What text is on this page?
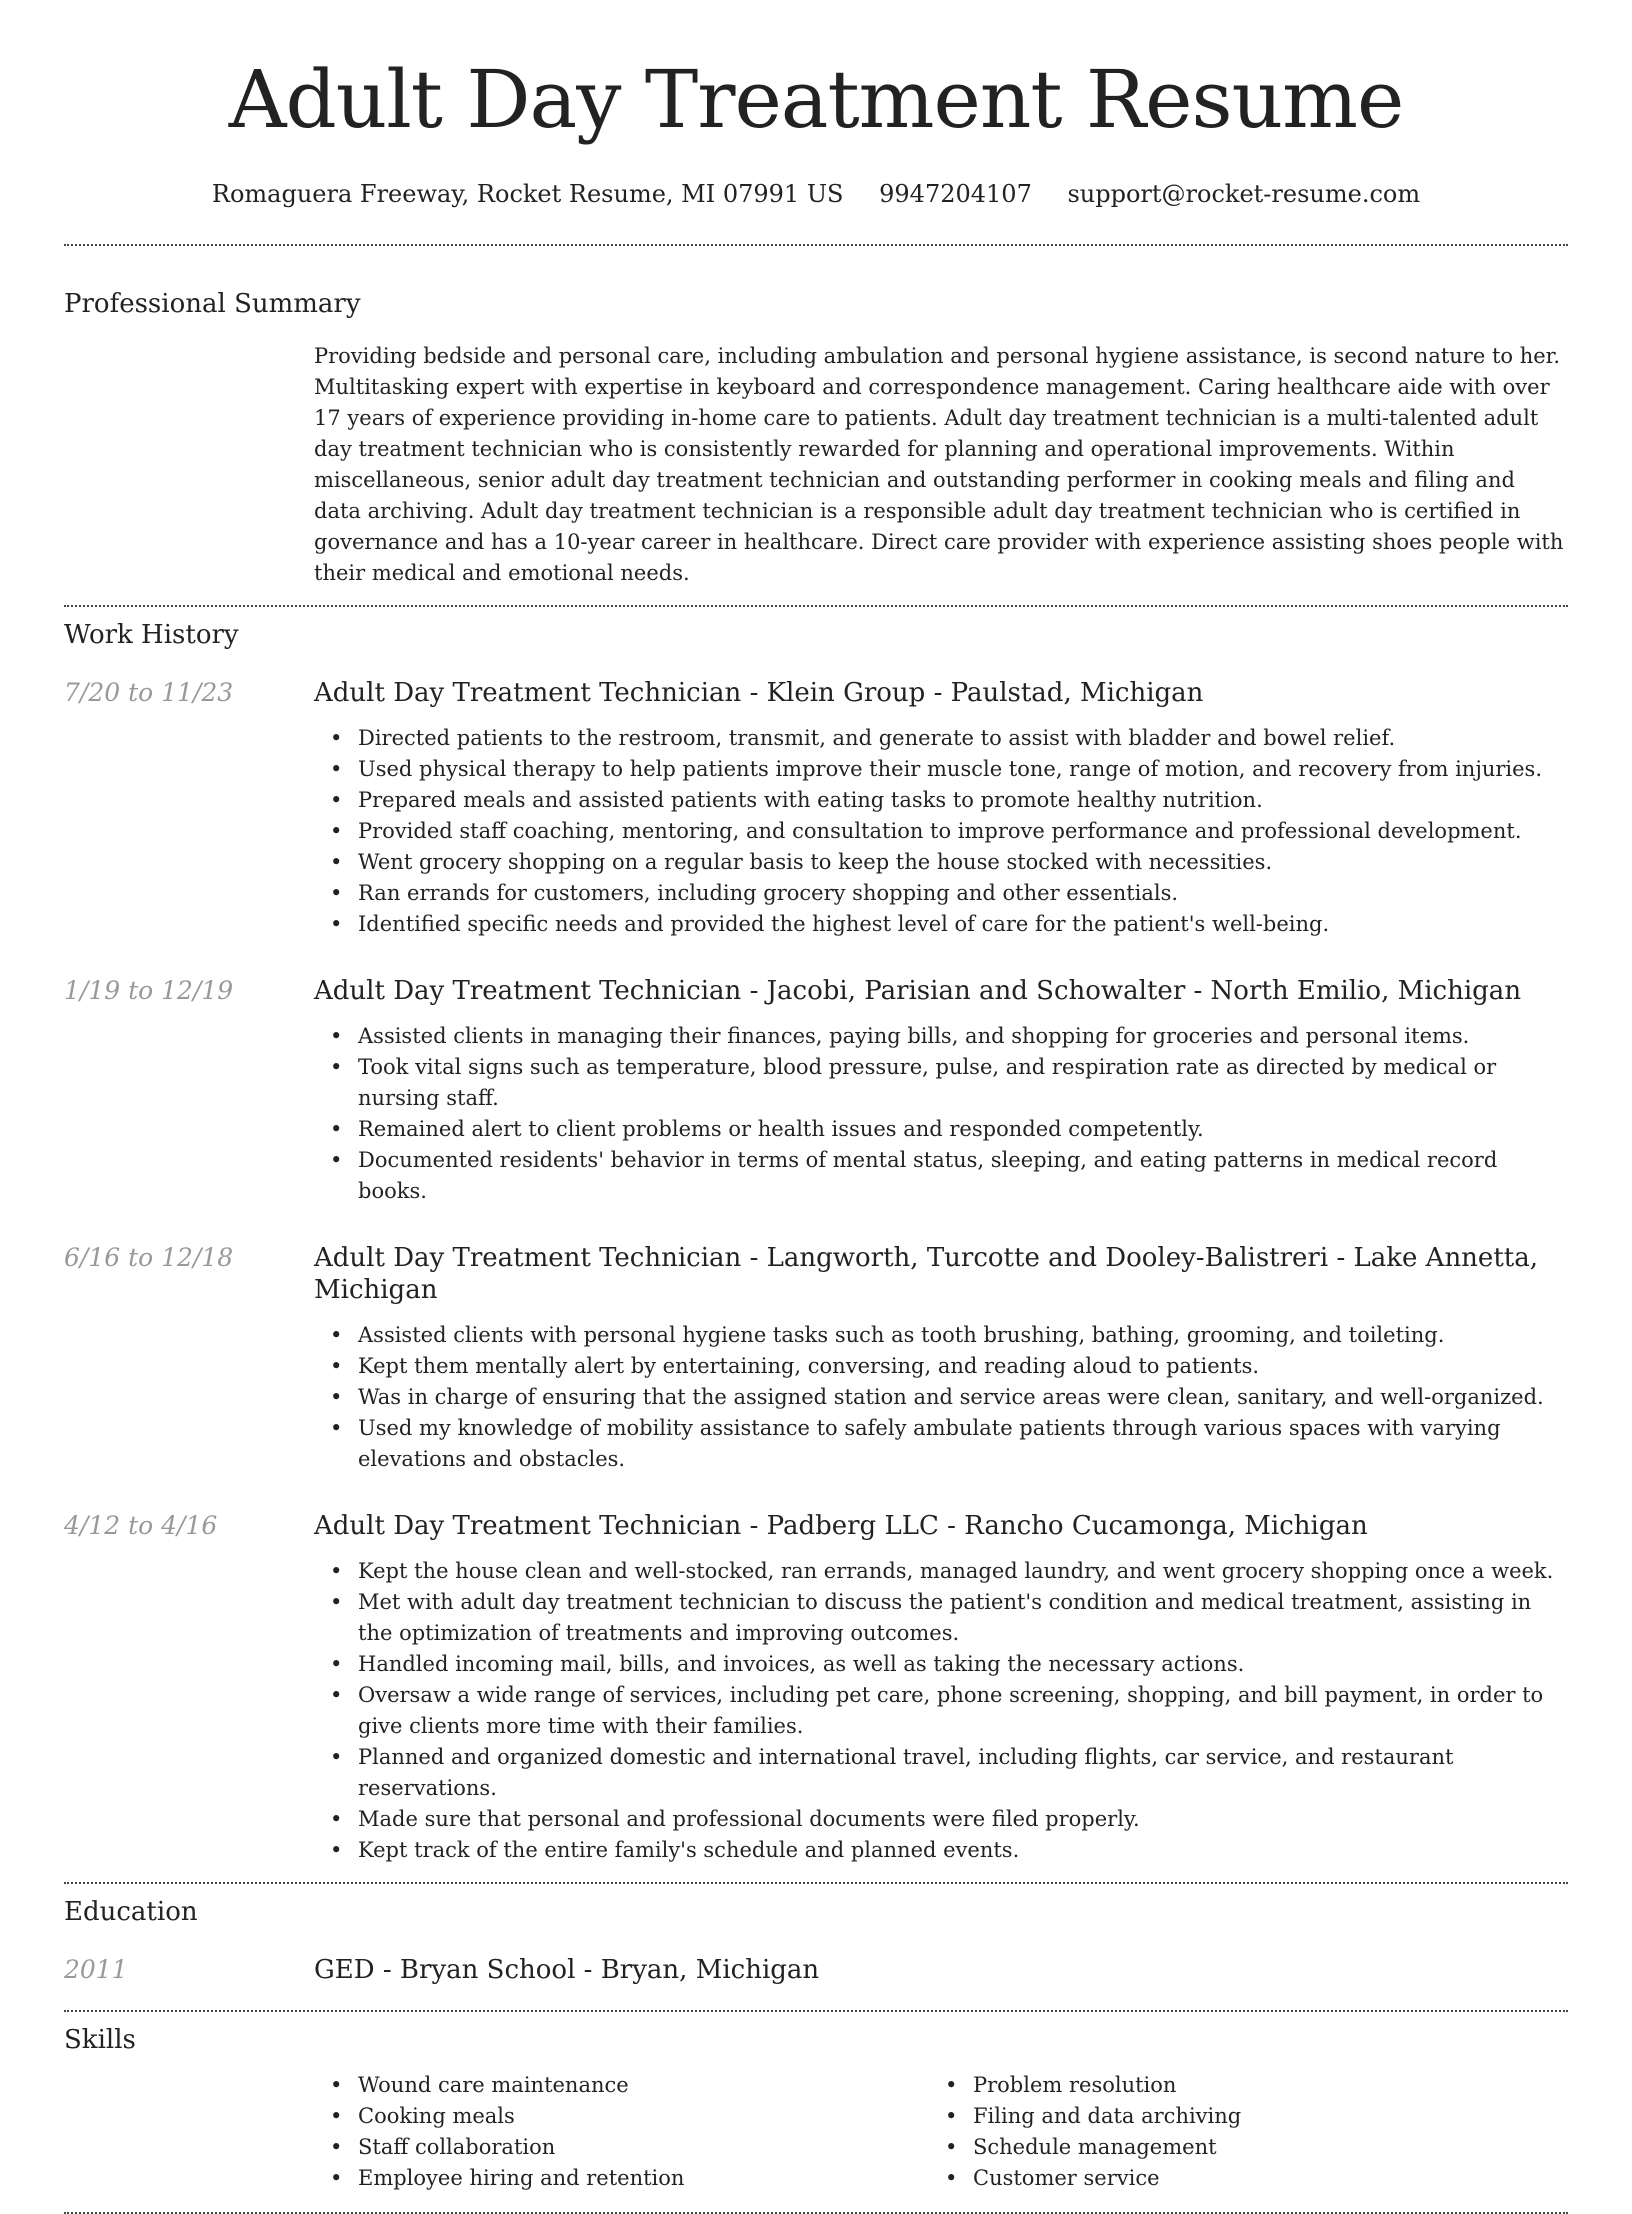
Adult Day Treatment Resume
Romaguera Freeway, Rocket Resume, MI 07991 US 9947204107 support@rocket-resume.com
Professional Summary
Providing bedside and personal care, including ambulation and personal hygiene assistance, is second nature to her. Multitasking expert with expertise in keyboard and correspondence management. Caring healthcare aide with over 17 years of experience providing in-home care to patients. Adult day treatment technician is a multi-talented adult day treatment technician who is consistently rewarded for planning and operational improvements. Within miscellaneous, senior adult day treatment technician and outstanding performer in cooking meals and filing and data archiving. Adult day treatment technician is a responsible adult day treatment technician who is certified in governance and has a 10-year career in healthcare. Direct care provider with experience assisting shoes people with their medical and emotional needs.
Work History
7/20 to 11/23	Adult Day Treatment Technician - Klein Group - Paulstad, Michigan
• Directed patients to the restroom, transmit, and generate to assist with bladder and bowel relief.
• Used physical therapy to help patients improve their muscle tone, range of motion, and recovery from injuries.
• Prepared meals and assisted patients with eating tasks to promote healthy nutrition.
• Provided staff coaching, mentoring, and consultation to improve performance and professional development.
• Went grocery shopping on a regular basis to keep the house stocked with necessities.
• Ran errands for customers, including grocery shopping and other essentials.
• Identified specific needs and provided the highest level of care for the patient's well-being.
1/19 to 12/19	Adult Day Treatment Technician - Jacobi, Parisian and Schowalter - North Emilio, Michigan
• Assisted clients in managing their finances, paying bills, and shopping for groceries and personal items.
• Took vital signs such as temperature, blood pressure, pulse, and respiration rate as directed by medical or nursing staff.
• Remained alert to client problems or health issues and responded competently.
• Documented residents' behavior in terms of mental status, sleeping, and eating patterns in medical record books.
6/16 to 12/18	Adult Day Treatment Technician - Langworth, Turcotte and Dooley-Balistreri - Lake Annetta, Michigan
• Assisted clients with personal hygiene tasks such as tooth brushing, bathing, grooming, and toileting.
• Kept them mentally alert by entertaining, conversing, and reading aloud to patients.
• Was in charge of ensuring that the assigned station and service areas were clean, sanitary, and well-organized.
• Used my knowledge of mobility assistance to safely ambulate patients through various spaces with varying elevations and obstacles.
4/12 to 4/16	Adult Day Treatment Technician - Padberg LLC - Rancho Cucamonga, Michigan
• Kept the house clean and well-stocked, ran errands, managed laundry, and went grocery shopping once a week.
• Met with adult day treatment technician to discuss the patient's condition and medical treatment, assisting in the optimization of treatments and improving outcomes.
• Handled incoming mail, bills, and invoices, as well as taking the necessary actions.
• Oversaw a wide range of services, including pet care, phone screening, shopping, and bill payment, in order to give clients more time with their families.
• Planned and organized domestic and international travel, including flights, car service, and restaurant reservations.
• Made sure that personal and professional documents were filed properly.
• Kept track of the entire family's schedule and planned events.
Education
2011	GED - Bryan School - Bryan, Michigan
Skills
• Wound care maintenance
• Cooking meals
• Staff collaboration
• Employee hiring and retention
• Problem resolution
• Filing and data archiving
• Schedule management
• Customer service
